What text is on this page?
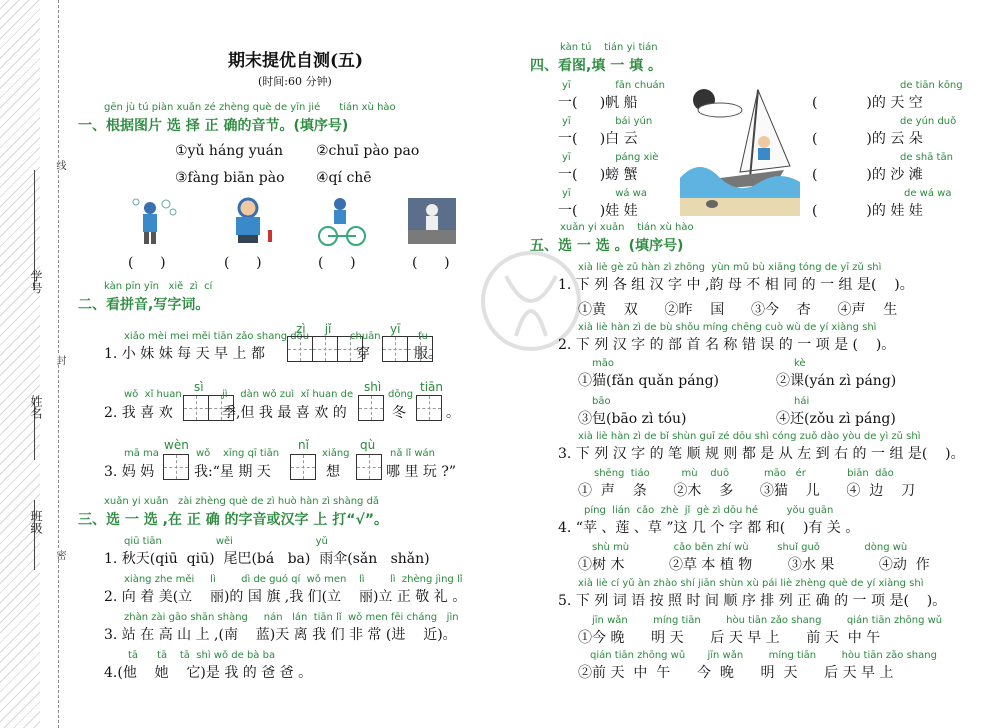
学号
姓名
班级
线
封
密
期末提优自测(五)
(时间:60 分钟)
gēn jù tú piàn xuǎn zé zhèng què de yīn jié      tián xù hào
一、根据图片 选 择 正 确的音节。(填序号)
①yǔ háng yuán ②chuī pào pao
③fàng biān pào ④qí chē
(      )	(      )	(      )	(      )
kàn pīn yīn   xiě  zì  cí
二、看拼音,写字词。
xiǎo mèi mei měi tiān zǎo shang dōu
1. 小 妹 妹 每 天 早 上 都
zì     jǐ
chuān
穿
yī
fu
服。
wǒ  xǐ huan
2. 我 喜 欢
sì
jì    dàn wǒ zuì  xǐ huan de
季,但 我 最 喜 欢 的
shì
dōng
冬
tiān
。
mā ma
3. 妈 妈
wèn
wǒ    xīng qī tiān
我:“星 期 天
nǐ
xiǎng
想
qù
nǎ lǐ wán
哪 里 玩 ?”
xuǎn yi xuǎn   zài zhèng què de zì huò hàn zì shàng dǎ
三、选 一 选 ,在 正 确 的字音或汉字 上 打“√”。
qiū tiān                 wěi                          yǔ
1. 秋天(qiū  qiū)  尾巴(bá   ba)  雨伞(sǎn   shǎn)
xiàng zhe měi     lì        dì de guó qí  wǒ men    lì        lì  zhèng jìng lǐ
2. 向 着 美(立    丽)的 国 旗 ,我 们(立    丽)立 正 敬 礼 。
zhàn zài gāo shān shàng     nán   lán  tiān lǐ  wǒ men fēi cháng   jìn
3. 站 在 高 山 上 ,(南    蓝)天 离 我 们 非 常 (进    近)。
tā      tā    tā  shì wǒ de bà ba
4.(他    她    它)是 我 的 爸 爸 。
kàn tú    tián yi tián
四、看图,填 一 填 。
yī              fān chuán
一(     )帆 船
de tiān kōng
(           )的 天 空
yī              bái yún
一(     )白 云
de yún duǒ
(           )的 云 朵
yī              páng xiè
一(     )螃 蟹
de shā tān
(           )的 沙 滩
yī              wá wa
一(     )娃 娃
de wá wa
(           )的 娃 娃
xuǎn yi xuǎn    tián xù hào
五、选 一 选 。(填序号)
xià liè gè zǔ hàn zì zhōng  yùn mǔ bù xiāng tóng de yī zǔ shì
1. 下 列 各 组 汉 字 中 ,韵 母 不 相 同 的 一 组 是(    )。
①黄    双      ②昨    国      ③今    杏      ④声    生
xià liè hàn zì de bù shǒu míng chēng cuò wù de yí xiàng shì
2. 下 列 汉 字 的 部 首 名 称 错 误 的 一 项 是 (    )。
māo
①猫(fǎn quǎn páng)
kè
②课(yán zì páng)
bāo
③包(bāo zì tóu)
hái
④还(zǒu zì páng)
xià liè hàn zì de bǐ shùn guī zé dōu shì cóng zuǒ dào yòu de yì zǔ shì
3. 下 列 汉 字 的 笔 顺 规 则 都 是 从 左 到 右 的 一 组 是(    )。
shēng  tiáo          mù    duō           māo   ér             biān  dāo
①  声    条      ②木    多      ③猫    儿      ④  边    刀
píng  lián  cǎo  zhè  jǐ  gè zì dōu hé         yǒu guān
4. “苹 、莲 、草 ”这 几 个 字 都 和(    )有 关 。
shù mù              cǎo běn zhí wù         shuǐ guǒ              dòng wù
①树 木          ②草 本 植 物        ③水 果          ④动  作
xià liè cí yǔ àn zhào shí jiān shùn xù pái liè zhèng què de yí xiàng shì
5. 下 列 词 语 按 照 时 间 顺 序 排 列 正 确 的 一 项 是(    )。
jīn wǎn        míng tiān        hòu tiān zǎo shang        qián tiān zhōng wǔ
①今 晚      明 天      后 天 早 上      前 天  中 午
qián tiān zhōng wǔ       jīn wǎn        míng tiān        hòu tiān zǎo shang
②前 天  中  午      今  晚      明  天      后 天 早 上
